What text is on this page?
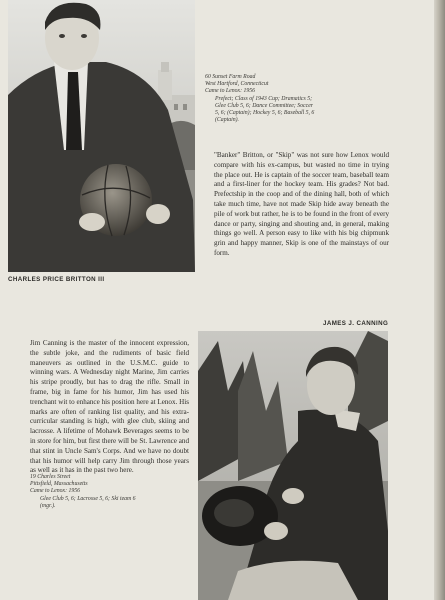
CHARLES PRICE BRITTON III
60 Sunset Farm Road
West Hartford, Connecticut
Came to Lenox: 1956
Prefect; Class of 1943 Cup; Dramatics 5;
Glee Club 5, 6; Dance Committee; Soccer
5, 6; (Captain); Hockey 5, 6; Baseball 5, 6
(Captain).
"Banker" Britton, or "Skip" was not sure how Lenox would compare with his ex-campus, but wasted no time in trying the place out. He is captain of the soccer team, baseball team and a first-liner for the hockey team. His grades? Not bad. Prefectship in the coop and of the dining hall, both of which take much time, have not made Skip hide away beneath the pile of work but rather, he is to be found in the front of every dance or party, singing and shouting and, in general, making things go well. A person easy to like with his big chipmunk grin and happy manner, Skip is one of the mainstays of our form.
JAMES J. CANNING
Jim Canning is the master of the innocent expression, the subtle joke, and the rudiments of basic field maneuvers as outlined in the U.S.M.C. guide to winning wars. A Wednesday night Marine, Jim carries his stripe proudly, but has to drag the rifle. Small in frame, big in fame for his humor, Jim has used his trenchant wit to enhance his position here at Lenox. His marks are often of ranking list quality, and his extra-curricular standing is high, with glee club, skiing and lacrosse. A lifetime of Mohawk Beverages seems to be in store for him, but first there will be St. Lawrence and that stint in Uncle Sam's Corps. And we have no doubt that his humor will help carry Jim through those years as well as it has in the past two here.
19 Charles Street
Pittsfield, Massachusetts
Came to Lenox: 1956
Glee Club 5, 6; Lacrosse 5, 6; Ski team 6
(mgr.).
